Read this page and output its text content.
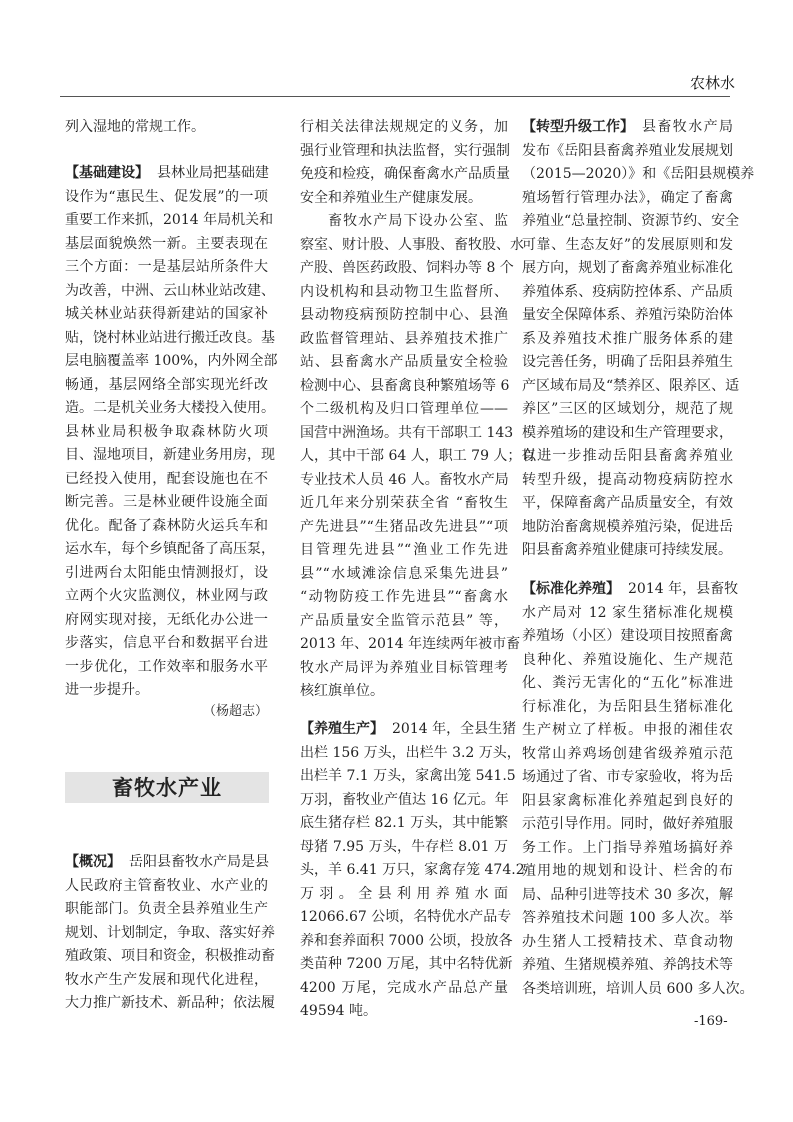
农林水
（杨超志）
畜牧水产业
-169-
列入湿地的常规工作。
【基础建设】 县林业局把基础建
设作为“惠民生、促发展”的一项
重要工作来抓，2014 年局机关和
基层面貌焕然一新。主要表现在
三个方面：一是基层站所条件大
为改善，中洲、云山林业站改建、
城关林业站获得新建站的国家补
贴，饶村林业站进行搬迁改良。基
层电脑覆盖率 100%，内外网全部
畅通，基层网络全部实现光纤改
造。二是机关业务大楼投入使用。
县林业局积极争取森林防火项
目、湿地项目，新建业务用房，现
已经投入使用，配套设施也在不
断完善。三是林业硬件设施全面
优化。配备了森林防火运兵车和
运水车，每个乡镇配备了高压泵，
引进两台太阳能虫情测报灯，设
立两个火灾监测仪，林业网与政
府网实现对接，无纸化办公进一
步落实，信息平台和数据平台进
一步优化，工作效率和服务水平
进一步提升。
【概况】 岳阳县畜牧水产局是县
人民政府主管畜牧业、水产业的
职能部门。负责全县养殖业生产
规划、计划制定，争取、落实好养
殖政策、项目和资金，积极推动畜
牧水产生产发展和现代化进程，
大力推广新技术、新品种；依法履
行相关法律法规规定的义务，加
强行业管理和执法监督，实行强制
免疫和检疫，确保畜禽水产品质量
安全和养殖业生产健康发展。
畜牧水产局下设办公室、监
察室、财计股、人事股、畜牧股、水
产股、兽医药政股、饲料办等 8 个
内设机构和县动物卫生监督所、
县动物疫病预防控制中心、县渔
政监督管理站、县养殖技术推广
站、县畜禽水产品质量安全检验
检测中心、县畜禽良种繁殖场等 6
个二级机构及归口管理单位——
国营中洲渔场。共有干部职工 143
人，其中干部 64 人，职工 79 人；有
专业技术人员 46 人。畜牧水产局
近几年来分别荣获全省 “畜牧生
产先进县”“生猪品改先进县”“项
目管理先进县”“渔业工作先进
县”“水域滩涂信息采集先进县”
“动物防疫工作先进县”“畜禽水
产品质量安全监管示范县” 等，
2013 年、2014 年连续两年被市畜
牧水产局评为养殖业目标管理考
核红旗单位。
【养殖生产】 2014 年，全县生猪
出栏 156 万头，出栏牛 3.2 万头，
出栏羊 7.1 万头，家禽出笼 541.5
万羽，畜牧业产值达 16 亿元。年
底生猪存栏 82.1 万头，其中能繁
母猪 7.95 万头，牛存栏 8.01 万
头，羊 6.41 万只，家禽存笼 474.2
万羽。全县利用养殖水面
12066.67 公顷，名特优水产品专
养和套养面积 7000 公顷，投放各
类苗种 7200 万尾，其中名特优新
4200 万尾，完成水产品总产量
49594 吨。
【转型升级工作】 县畜牧水产局
发布《岳阳县畜禽养殖业发展规划
（2015—2020）》和《岳阳县规模养
殖场暂行管理办法》，确定了畜禽
养殖业“总量控制、资源节约、安全
可靠、生态友好”的发展原则和发
展方向，规划了畜禽养殖业标准化
养殖体系、疫病防控体系、产品质
量安全保障体系、养殖污染防治体
系及养殖技术推广服务体系的建
设完善任务，明确了岳阳县养殖生
产区域布局及“禁养区、限养区、适
养区”三区的区域划分，规范了规
模养殖场的建设和生产管理要求，
以进一步推动岳阳县畜禽养殖业
转型升级，提高动物疫病防控水
平，保障畜禽产品质量安全，有效
地防治畜禽规模养殖污染，促进岳
阳县畜禽养殖业健康可持续发展。
【标准化养殖】 2014 年，县畜牧
水产局对 12 家生猪标准化规模
养殖场（小区）建设项目按照畜禽
良种化、养殖设施化、生产规范
化、粪污无害化的“五化”标准进
行标准化，为岳阳县生猪标准化
生产树立了样板。申报的湘佳农
牧常山养鸡场创建省级养殖示范
场通过了省、市专家验收，将为岳
阳县家禽标准化养殖起到良好的
示范引导作用。同时，做好养殖服
务工作。上门指导养殖场搞好养
殖用地的规划和设计、栏舍的布
局、品种引进等技术 30 多次，解
答养殖技术问题 100 多人次。举
办生猪人工授精技术、草食动物
养殖、生猪规模养殖、养鸽技术等
各类培训班，培训人员 600 多人次。
